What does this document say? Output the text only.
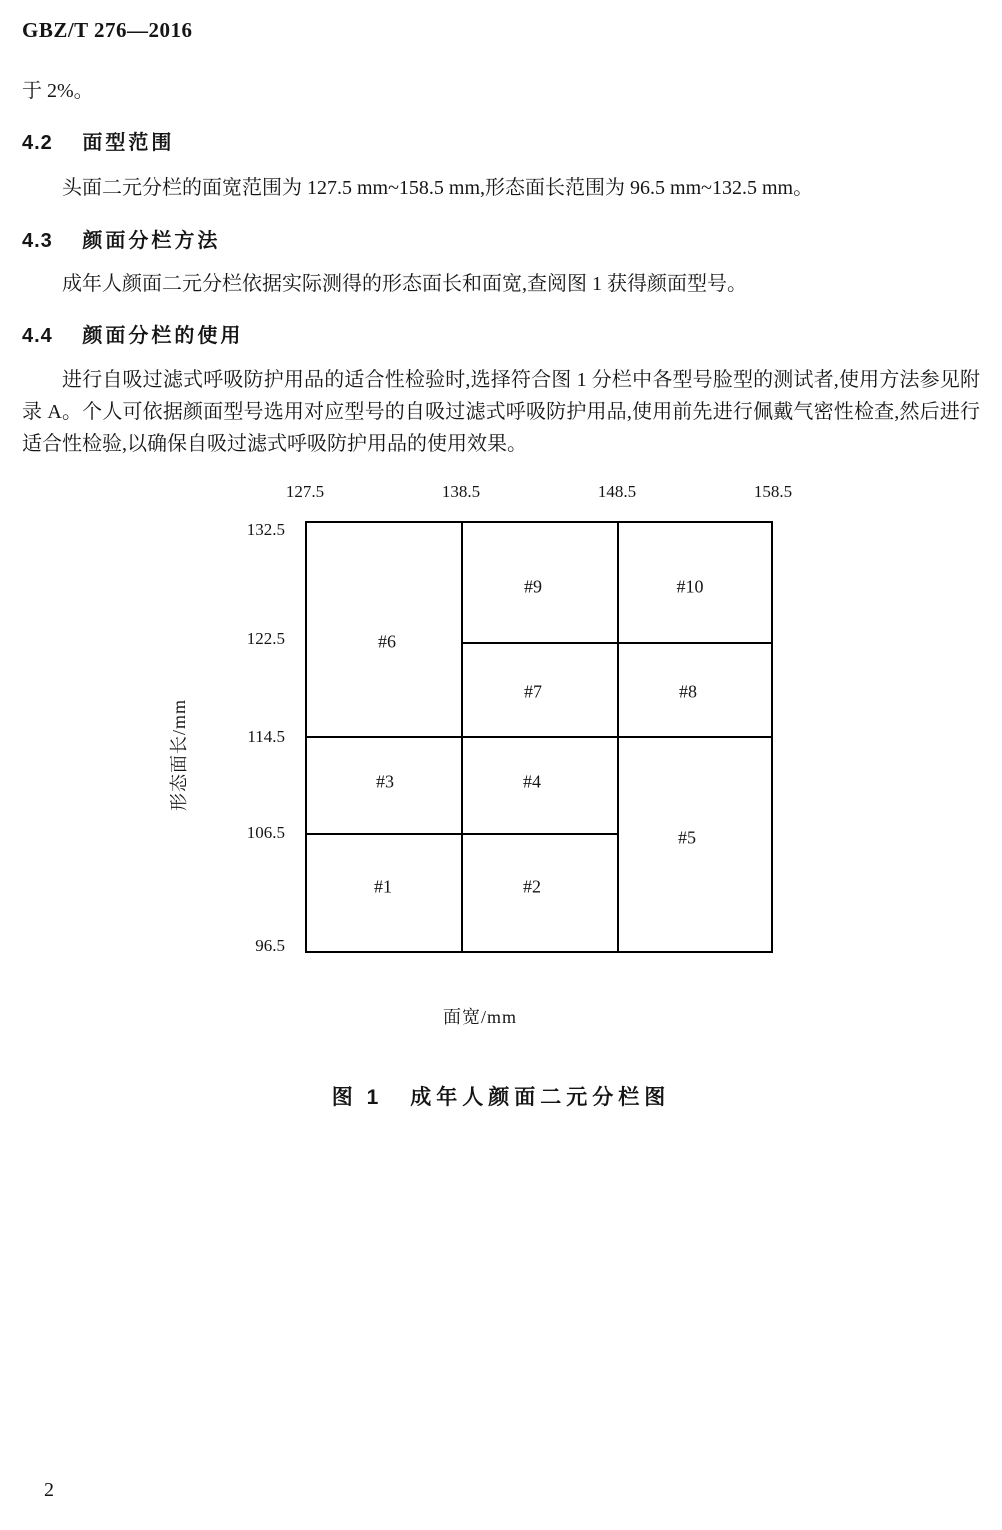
GBZ/T 276—2016
于 2%。
4.2 面型范围

头面二元分栏的面宽范围为 127.5 mm~158.5 mm,形态面长范围为 96.5 mm~132.5 mm。

4.3 颜面分栏方法

成年人颜面二元分栏依据实际测得的形态面长和面宽,查阅图 1 获得颜面型号。

4.4 颜面分栏的使用

进行自吸过滤式呼吸防护用品的适合性检验时,选择符合图 1 分栏中各型号脸型的测试者,使用方法参见附录 A。个人可依据颜面型号选用对应型号的自吸过滤式呼吸防护用品,使用前先进行佩戴气密性检查,然后进行适合性检验,以确保自吸过滤式呼吸防护用品的使用效果。

127.5	138.5	148.5	158.5
132.5
122.5
114.5
106.5
96.5
形态面长/mm
#1	#2
#3	#4
#5
#6
#7	#8
#9	#10
面宽/mm
图 1 成年人颜面二元分栏图
2
